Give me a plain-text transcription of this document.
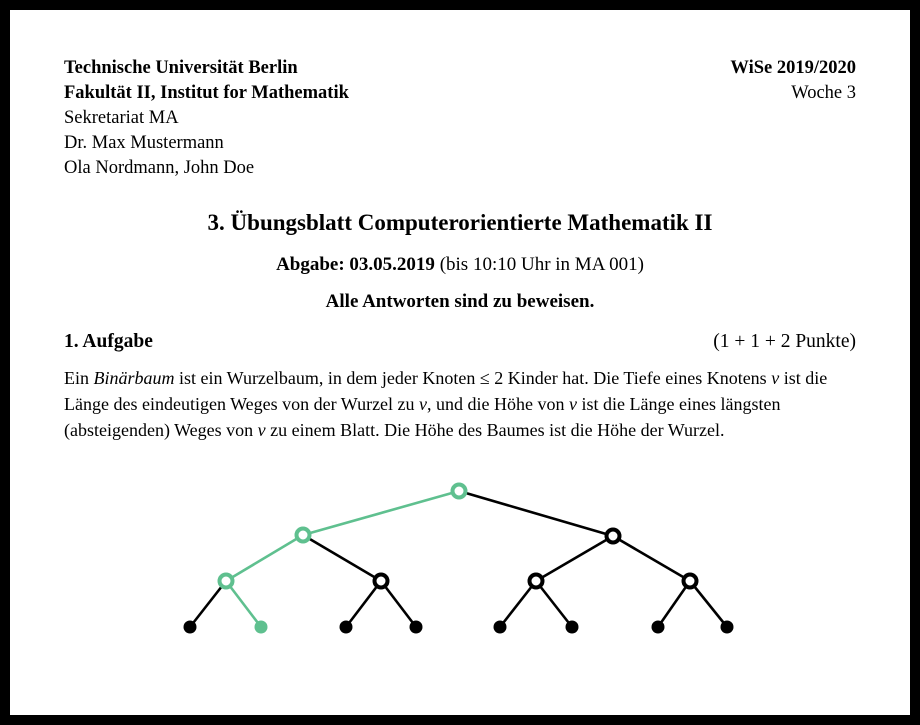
Technische Universität Berlin
Fakultät II, Institut for Mathematik
Sekretariat MA
Dr. Max Mustermann
Ola Nordmann, John Doe
WiSe 2019/2020
Woche 3
3. Übungsblatt Computerorientierte Mathematik II

Abgabe: 03.05.2019 (bis 10:10 Uhr in MA 001)

Alle Antworten sind zu beweisen.

1. Aufgabe	(1 + 1 + 2 Punkte)

Ein Binärbaum ist ein Wurzelbaum, in dem jeder Knoten ≤ 2 Kinder hat. Die Tiefe eines Knotens v ist die Länge des eindeutigen Weges von der Wurzel zu v, und die Höhe von v ist die Länge eines längsten (absteigenden) Weges von v zu einem Blatt. Die Höhe des Baumes ist die Höhe der Wurzel.
